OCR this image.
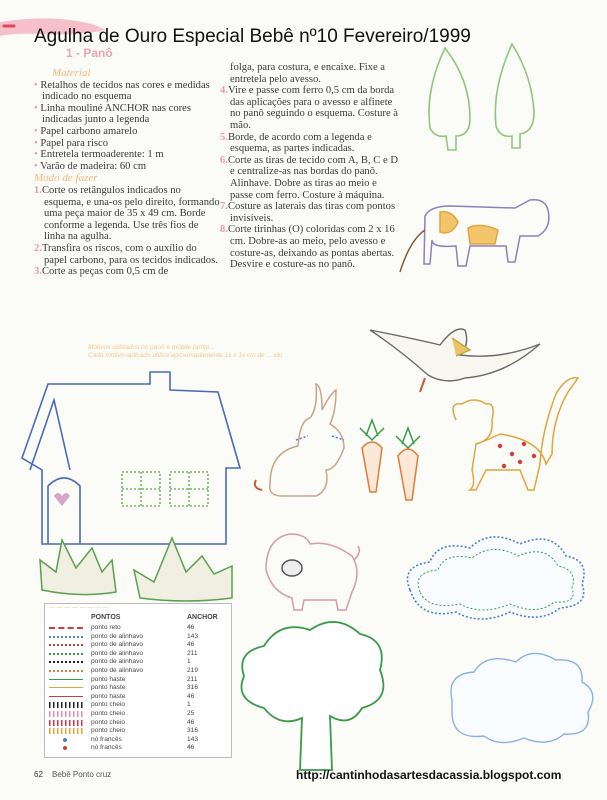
Agulha de Ouro Especial Bebê nº10 Fevereiro/1999
1 - Panô
Material

• Retalhos de tecidos nas cores e medidas indicado no esquema

• Linha mouliné ANCHOR nas cores indicadas junto a legenda

• Papel carbono amarelo

• Papel para risco

• Entretela termoaderente: 1 m

• Varão de madeira: 60 cm

Modo de fazer

1.Corte os retângulos indicados no esquema, e una-os pelo direito, formando uma peça maior de 35 x 49 cm. Borde conforme a legenda. Use três fios de linha na agulha.

2.Transfira os riscos, com o auxílio do papel carbono, para os tecidos indicados.

3.Corte as peças com 0,5 cm de

folga, para costura, e encaixe. Fixe a entretela pelo avesso.

4.Vire e passe com ferro 0,5 cm da borda das aplicações para o avesso e alfinete no panô seguindo o esquema. Costure à mão.

5.Borde, de acordo com a legenda e esquema, as partes indicadas.

6.Corte as tiras de tecido com A, B, C e D e centralize-as nas bordas do panô. Alinhave. Dobre as tiras ao meio e passe com ferro. Costure à máquina.

7.Costure as laterais das tiras com pontos invisíveis.

8.Corte tirinhas (O) coloridas com 2 x 16 cm. Dobre-as ao meio, pelo avesso e costure-as, deixando as pontas abertas. Desvire e costure-as no panô.

Motivos utilizados no panô e móbile (ampl...
Cada motivo aplicado utiliza aproximadamente 1x x 1x cm de ... ido
― ― ― ― ― ― ― ―
PONTOS	ANCHOR
ponto reto	46
ponto de alinhavo	143
ponto de alinhavo	46
ponto de alinhavo	211
ponto de alinhavo	1
ponto de alinhavo	219
ponto haste	211
ponto haste	316
ponto haste	46
ponto cheio	1
ponto cheio	25
ponto cheio	46
ponto cheio	316
nó francês	143
nó francês	46
62 Bebê Ponto cruz	http://cantinhodasartesdacassia.blogspot.com
